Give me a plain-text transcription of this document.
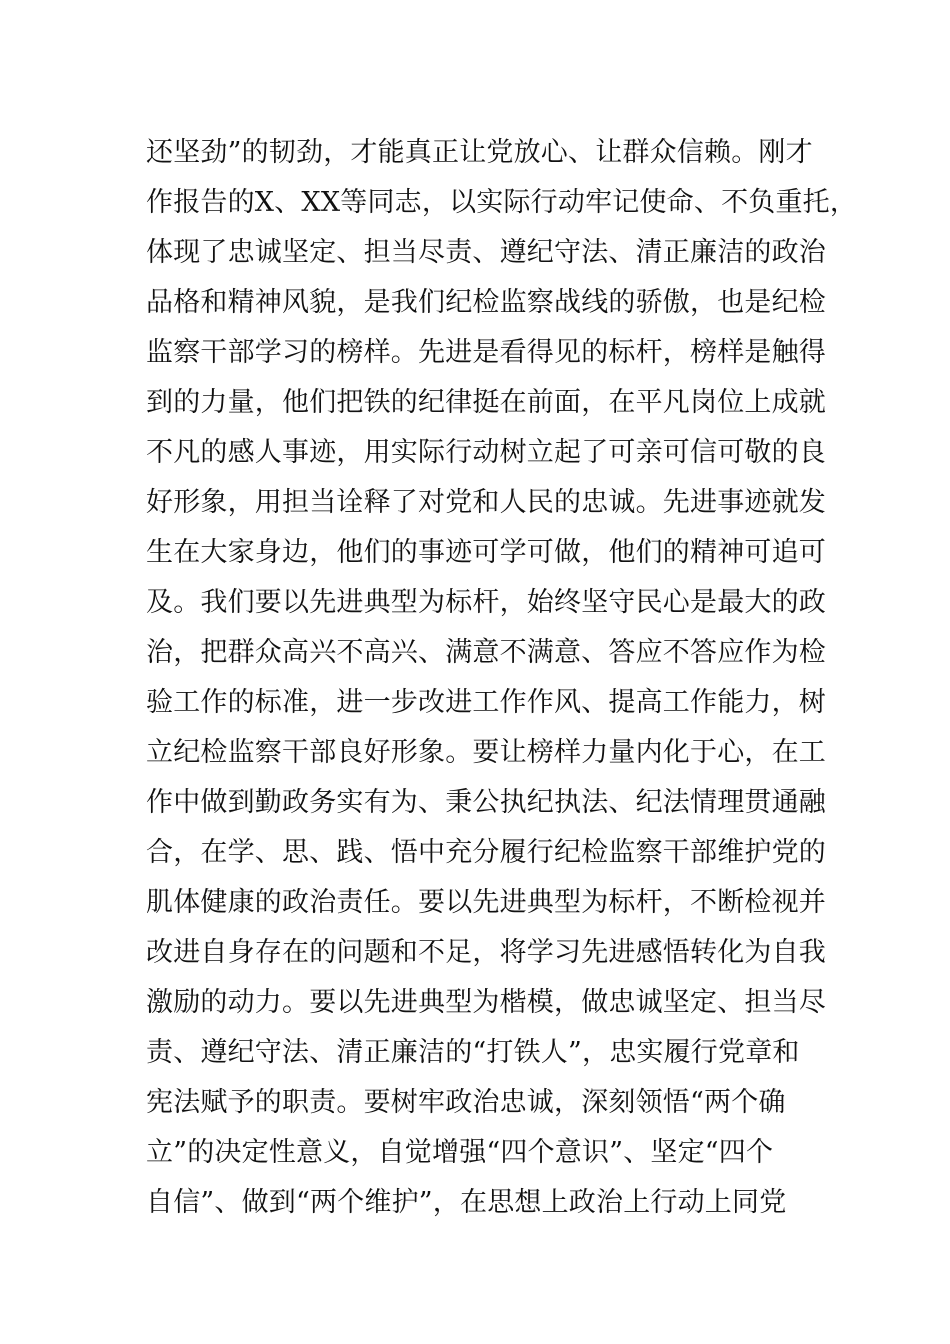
还坚劲”的韧劲，才能真正让党放心、让群众信赖。刚才
作报告的X、XX等同志，以实际行动牢记使命、不负重托，
体现了忠诚坚定、担当尽责、遵纪守法、清正廉洁的政治
品格和精神风貌，是我们纪检监察战线的骄傲，也是纪检
监察干部学习的榜样。先进是看得见的标杆，榜样是触得
到的力量，他们把铁的纪律挺在前面，在平凡岗位上成就
不凡的感人事迹，用实际行动树立起了可亲可信可敬的良
好形象，用担当诠释了对党和人民的忠诚。先进事迹就发
生在大家身边，他们的事迹可学可做，他们的精神可追可
及。我们要以先进典型为标杆，始终坚守民心是最大的政
治，把群众高兴不高兴、满意不满意、答应不答应作为检
验工作的标准，进一步改进工作作风、提高工作能力，树
立纪检监察干部良好形象。要让榜样力量内化于心，在工
作中做到勤政务实有为、秉公执纪执法、纪法情理贯通融
合，在学、思、践、悟中充分履行纪检监察干部维护党的
肌体健康的政治责任。要以先进典型为标杆，不断检视并
改进自身存在的问题和不足，将学习先进感悟转化为自我
激励的动力。要以先进典型为楷模，做忠诚坚定、担当尽
责、遵纪守法、清正廉洁的“打铁人”，忠实履行党章和
宪法赋予的职责。要树牢政治忠诚，深刻领悟“两个确
立”的决定性意义，自觉增强“四个意识”、坚定“四个
自信”、做到“两个维护”，在思想上政治上行动上同党
